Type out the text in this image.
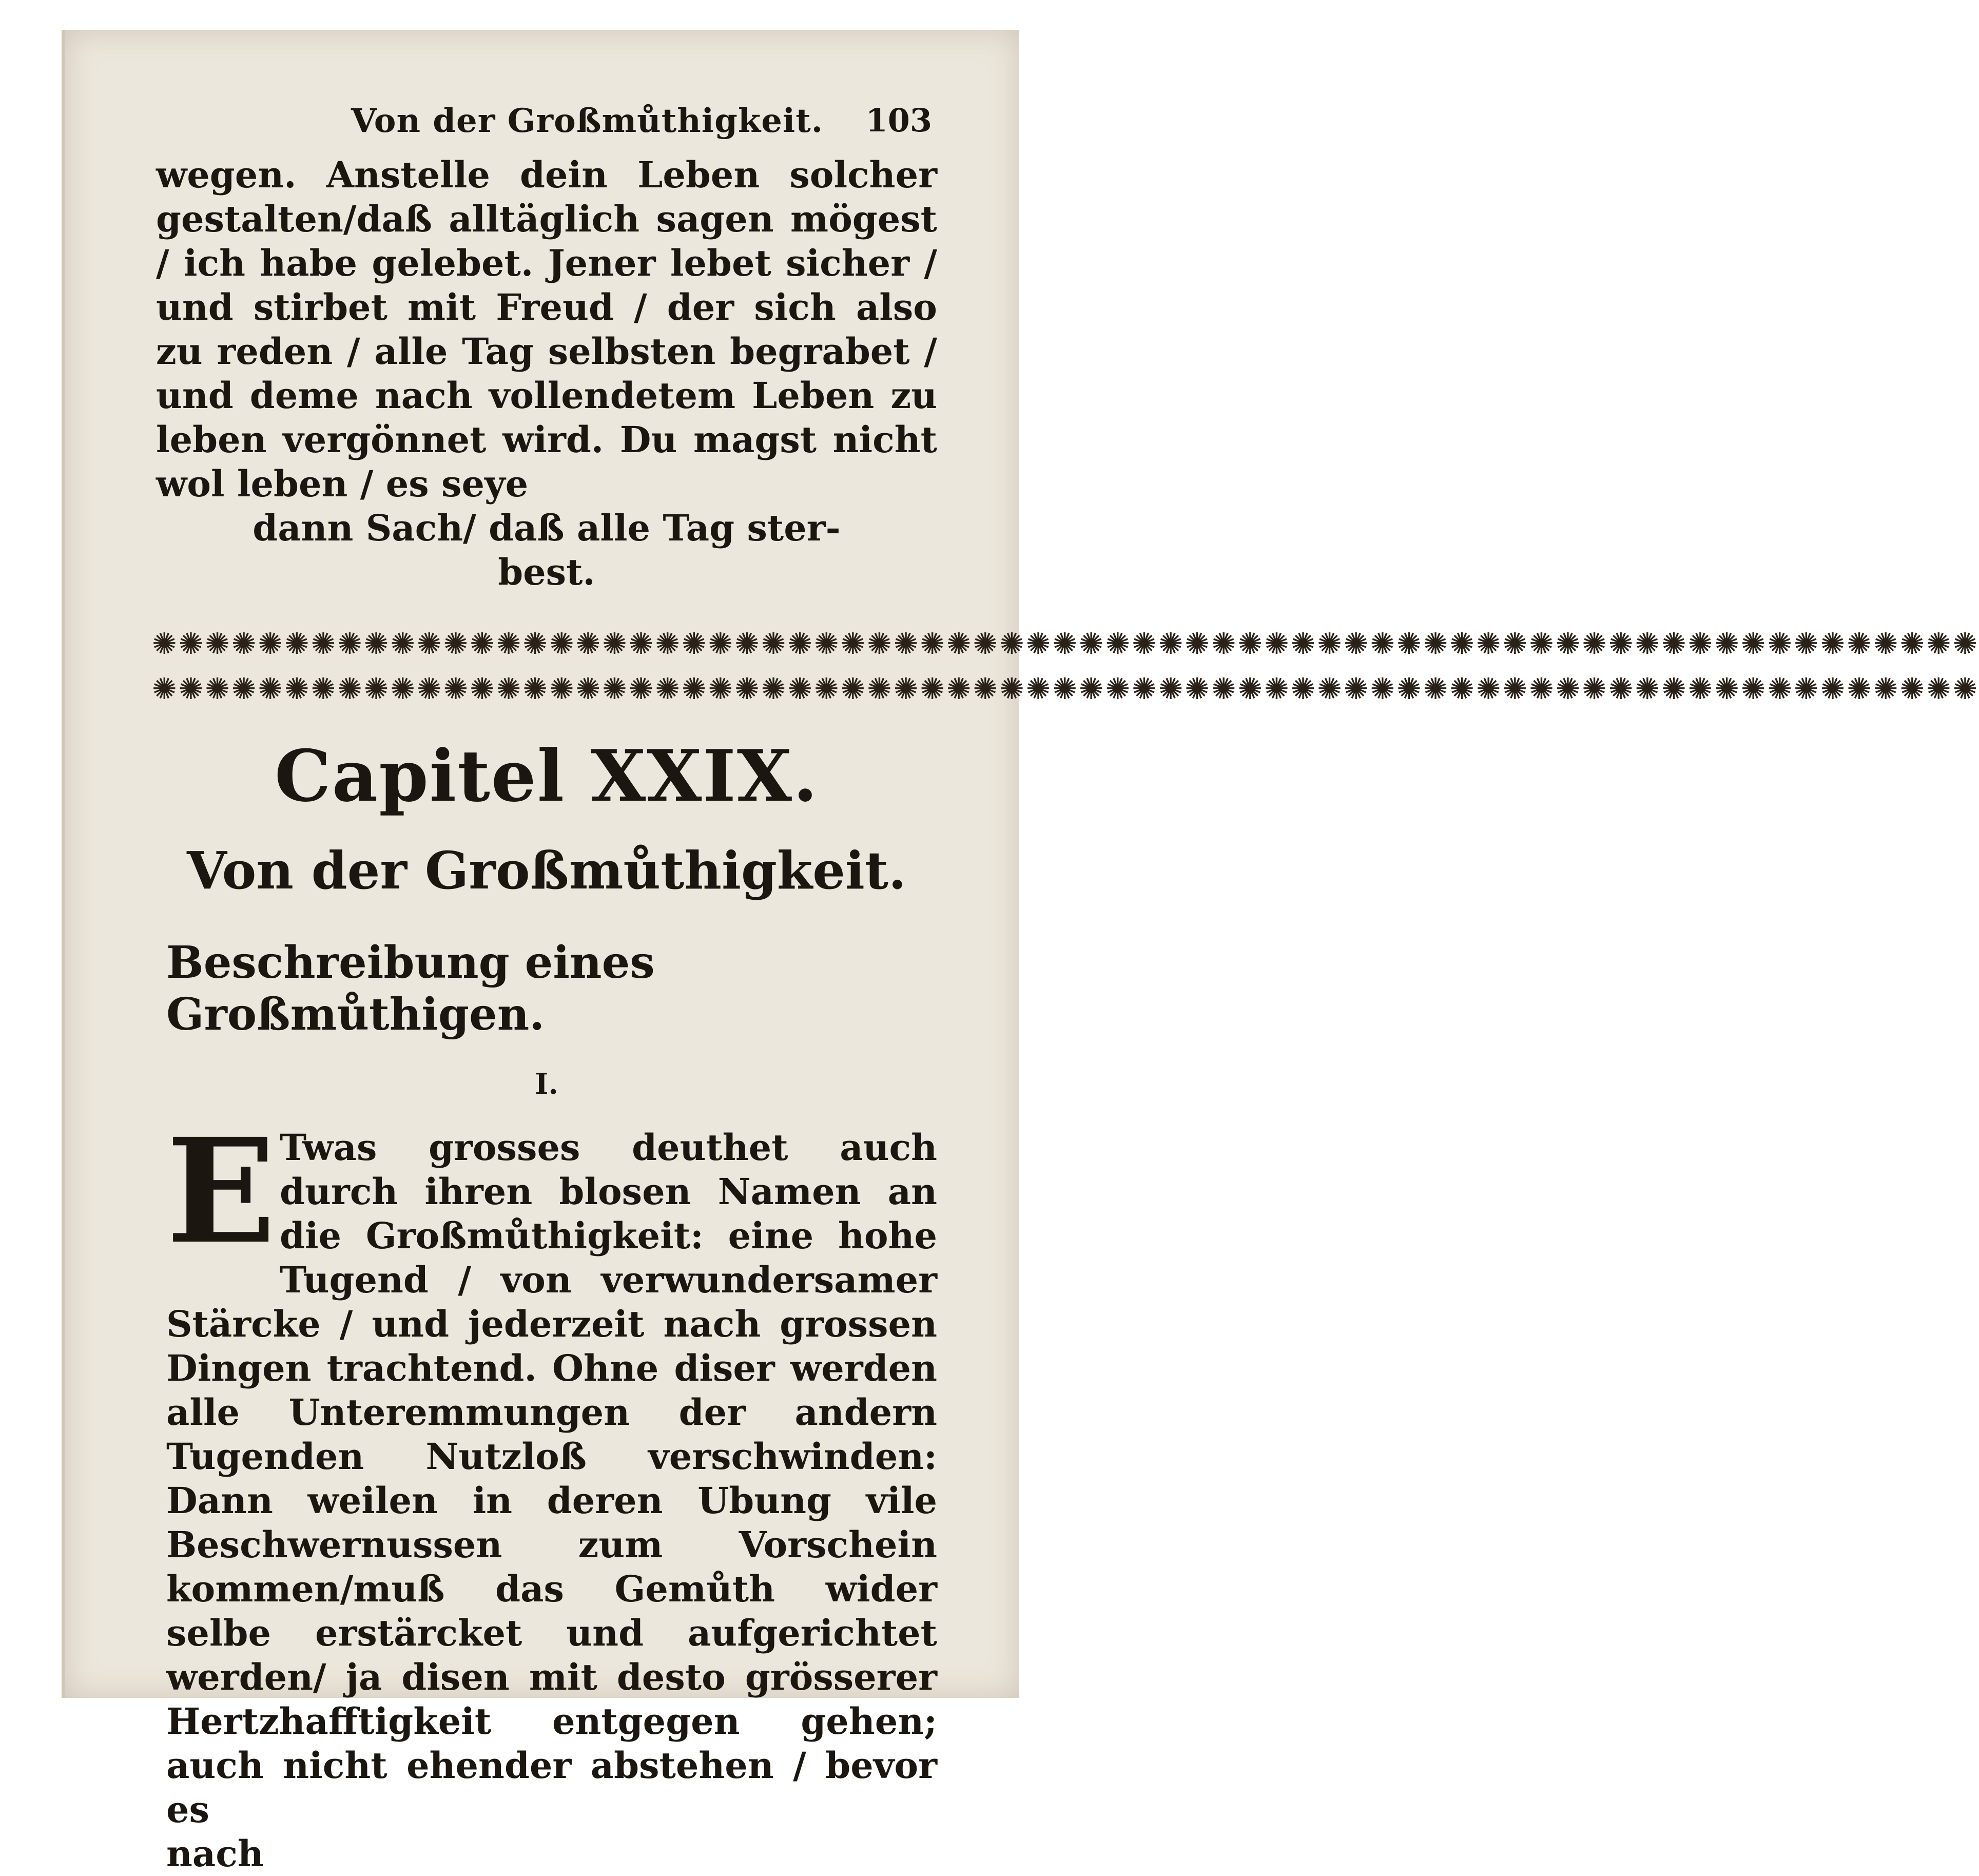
Von der Großmůthigkeit. 103

wegen. Anstelle dein Leben solcher gestalten/daß alltäglich sagen mögest / ich habe gelebet. Jener lebet sicher / und stirbet mit Freud / der sich also zu reden / alle Tag selbsten begrabet / und deme nach vollendetem Leben zu leben vergönnet wird. Du magst nicht wol leben / es seye

dann Sach/ daß alle Tag ster-
best.

✺✺✺✺✺✺✺✺✺✺✺✺✺✺✺✺✺✺✺✺✺✺✺✺✺✺✺✺✺✺✺✺✺✺✺✺✺✺✺✺✺✺✺✺✺✺✺✺✺✺✺✺✺✺✺✺✺✺✺✺✺✺✺✺✺✺✺✺✺
✺✺✺✺✺✺✺✺✺✺✺✺✺✺✺✺✺✺✺✺✺✺✺✺✺✺✺✺✺✺✺✺✺✺✺✺✺✺✺✺✺✺✺✺✺✺✺✺✺✺✺✺✺✺✺✺✺✺✺✺✺✺✺✺✺✺✺✺✺
Capitel XXIX.
Von der Großmůthigkeit.
Beschreibung eines Großmůthigen.
I.
E Twas grosses deuthet auch durch ihren blosen Namen an die Großmůthigkeit: eine hohe Tugend / von verwundersamer Stärcke / und jederzeit nach grossen Dingen trachtend. Ohne diser werden alle Unteremmungen der andern Tugenden Nutzloß verschwinden: Dann weilen in deren Ubung vile Beschwernussen zum Vorschein kommen/muß das Gemůth wider selbe erstärcket und aufgerichtet werden/ ja disen mit desto grösserer Hertzhafftigkeit entgegen gehen; auch nicht ehender abstehen / bevor es

nach
